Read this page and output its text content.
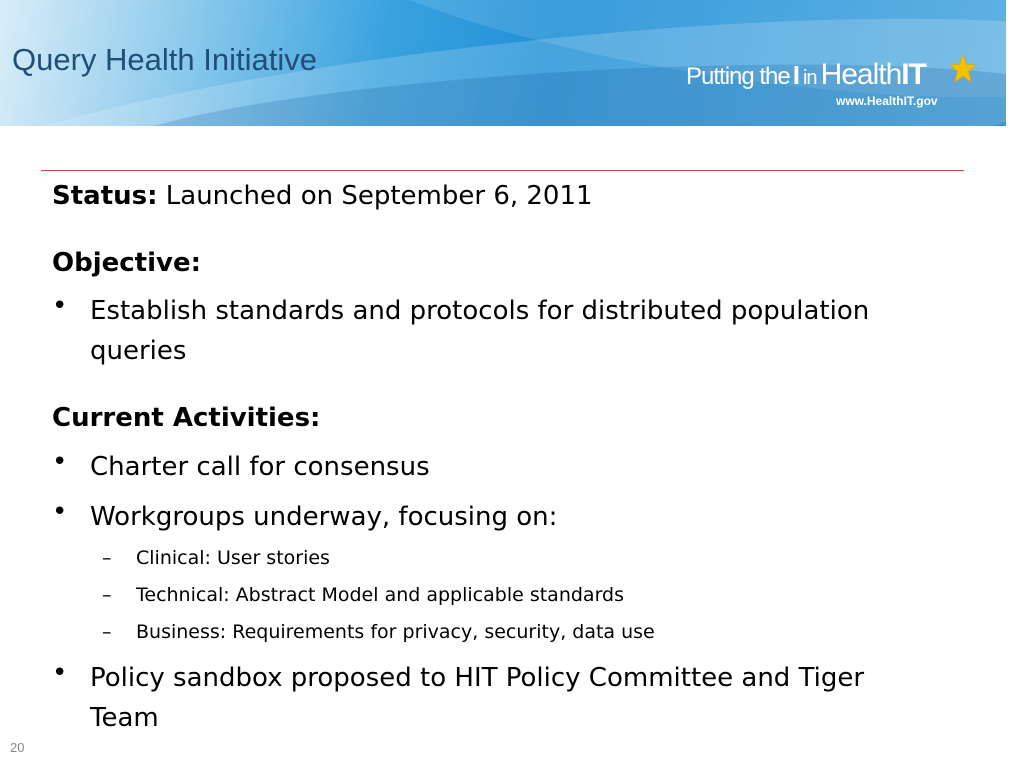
Query Health Initiative	Putting the I in HealthIT
www.HealthIT.gov
Status: Launched on September 6, 2011
Objective:
• Establish standards and protocols for distributed population
queries
Current Activities:
• Charter call for consensus
• Workgroups underway, focusing on:
– Clinical: User stories
– Technical: Abstract Model and applicable standards
– Business: Requirements for privacy, security, data use
• Policy sandbox proposed to HIT Policy Committee and Tiger
Team
20
